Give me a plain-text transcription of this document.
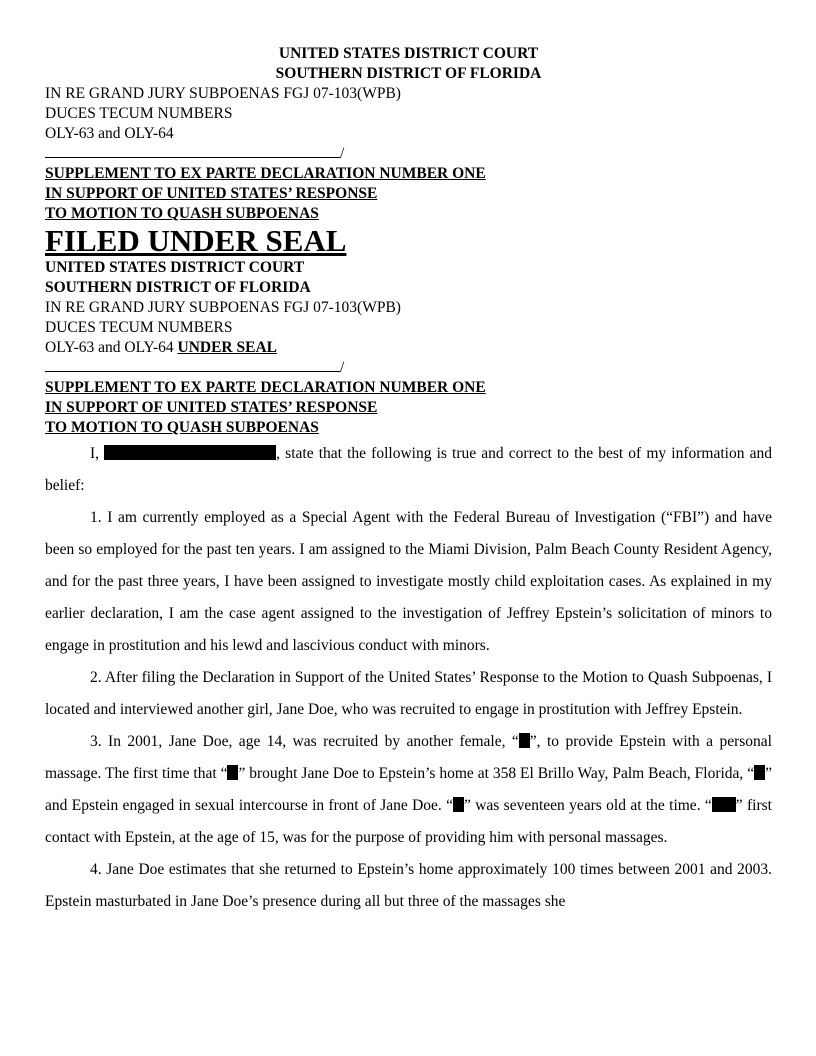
UNITED STATES DISTRICT COURT
SOUTHERN DISTRICT OF FLORIDA
IN RE GRAND JURY SUBPOENAS FGJ 07-103(WPB)
DUCES TECUM NUMBERS
OLY-63 and OLY-64
/
SUPPLEMENT TO EX PARTE DECLARATION NUMBER ONE
IN SUPPORT OF UNITED STATES’ RESPONSE
TO MOTION TO QUASH SUBPOENAS
FILED UNDER SEAL
UNITED STATES DISTRICT COURT
SOUTHERN DISTRICT OF FLORIDA
IN RE GRAND JURY SUBPOENAS FGJ 07-103(WPB)
DUCES TECUM NUMBERS
OLY-63 and OLY-64 UNDER SEAL
/
SUPPLEMENT TO EX PARTE DECLARATION NUMBER ONE
IN SUPPORT OF UNITED STATES’ RESPONSE
TO MOTION TO QUASH SUBPOENAS

I,	, state that the following is true and correct to the best of my information and belief:

1. I am currently employed as a Special Agent with the Federal Bureau of Investigation (“FBI”) and have been so employed for the past ten years. I am assigned to the Miami Division, Palm Beach County Resident Agency, and for the past three years, I have been assigned to investigate mostly child exploitation cases. As explained in my earlier declaration, I am the case agent assigned to the investigation of Jeffrey Epstein’s solicitation of minors to engage in prostitution and his lewd and lascivious conduct with minors.

2. After filing the Declaration in Support of the United States’ Response to the Motion to Quash Subpoenas, I located and interviewed another girl, Jane Doe, who was recruited to engage in prostitution with Jeffrey Epstein.

3. In 2001, Jane Doe, age 14, was recruited by another female, “ ”, to provide Epstein with a personal massage. The first time that “ ” brought Jane Doe to Epstein’s home at 358 El Brillo Way, Palm Beach, Florida, “ ” and Epstein engaged in sexual intercourse in front of Jane Doe. “ ” was seventeen years old at the time. “ ” first contact with Epstein, at the age of 15, was for the purpose of providing him with personal massages.

4. Jane Doe estimates that she returned to Epstein’s home approximately 100 times between 2001 and 2003. Epstein masturbated in Jane Doe’s presence during all but three of the massages she
